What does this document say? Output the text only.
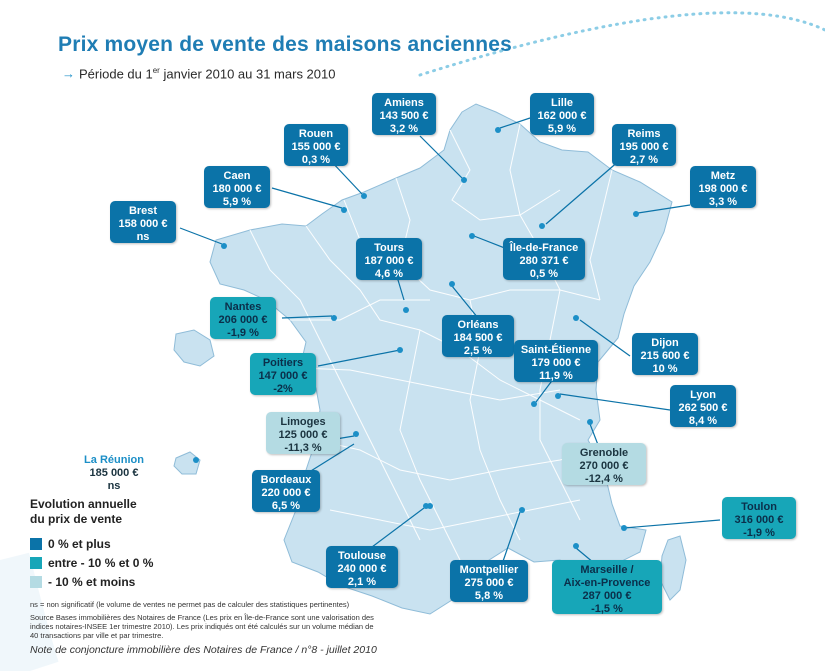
Prix moyen de vente des maisons anciennes
→ Période du 1er janvier 2010 au 31 mars 2010
Amiens
143 500 €
3,2 %
Lille
162 000 €
5,9 %
Rouen
155 000 €
0,3 %
Reims
195 000 €
2,7 %
Caen
180 000 €
5,9 %
Metz
198 000 €
3,3 %
Brest
158 000 €
ns
Tours
187 000 €
4,6 %
Île-de-France
280 371 €
0,5 %
Nantes
206 000 €
-1,9 %
Orléans
184 500 €
2,5 %	Saint-Étienne
179 000 €
11,9 %
Dijon
215 600 €
10 %
Poitiers
147 000 €
-2%	Lyon
262 500 €
8,4 %
Limoges
125 000 €
-11,3 %	Grenoble
270 000 €
-12,4 %
La Réunion
185 000 €
ns	Bordeaux
220 000 €
6,5 %	Toulon
316 000 €
-1,9 %
Toulouse
240 000 €
2,1 %
Montpellier
275 000 €
5,8 %
Marseille /
Aix-en-Provence
287 000 €
-1,5 %
Evolution annuelle
du prix de vente
0 % et plus
entre - 10 % et 0 %
- 10 % et moins
ns = non significatif (le volume de ventes ne permet pas de calculer des statistiques pertinentes)
Source Bases immobilières des Notaires de France (Les prix en Île-de-France sont une valorisation des
indices notaires-INSEE 1er trimestre 2010). Les prix indiqués ont été calculés sur un volume médian de
40 transactions par ville et par trimestre.
Note de conjoncture immobilière des Notaires de France / n°8 - juillet 2010
